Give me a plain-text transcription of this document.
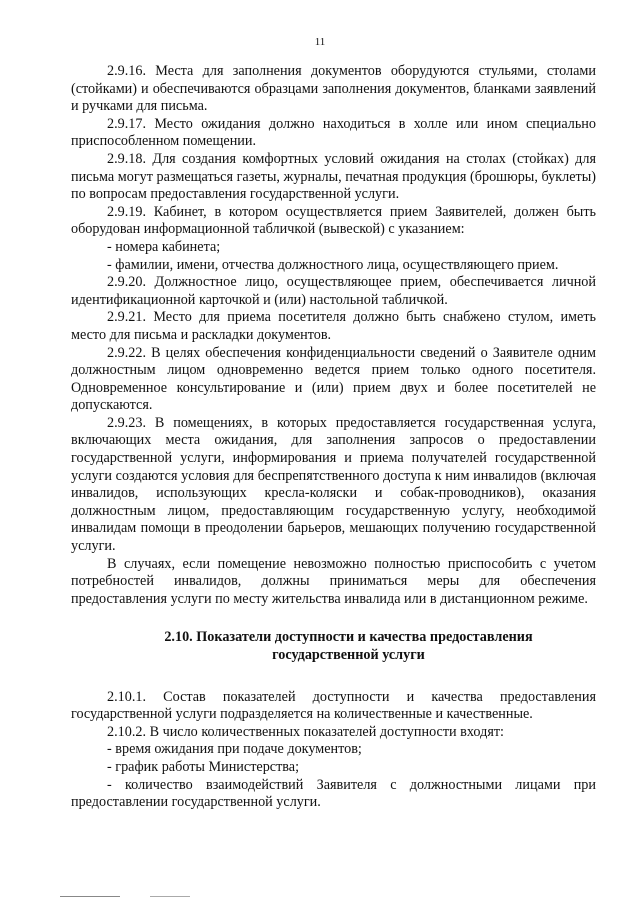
11

2.9.16. Места для заполнения документов оборудуются стульями, столами (стойками) и обеспечиваются образцами заполнения документов, бланками заявлений и ручками для письма.

2.9.17. Место ожидания должно находиться в холле или ином специально приспособленном помещении.

2.9.18. Для создания комфортных условий ожидания на столах (стойках) для письма могут размещаться газеты, журналы, печатная продукция (брошюры, буклеты) по вопросам предоставления государственной услуги.

2.9.19. Кабинет, в котором осуществляется прием Заявителей, должен быть оборудован информационной табличкой (вывеской) с указанием:

- номера кабинета;

- фамилии, имени, отчества должностного лица, осуществляющего прием.

2.9.20. Должностное лицо, осуществляющее прием, обеспечивается личной идентификационной карточкой и (или) настольной табличкой.

2.9.21. Место для приема посетителя должно быть снабжено стулом, иметь место для письма и раскладки документов.

2.9.22. В целях обеспечения конфиденциальности сведений о Заявителе одним должностным лицом одновременно ведется прием только одного посетителя. Одновременное консультирование и (или) прием двух и более посетителей не допускаются.

2.9.23. В помещениях, в которых предоставляется государственная услуга, включающих места ожидания, для заполнения запросов о предоставлении государственной услуги, информирования и приема получателей государственной услуги создаются условия для беспрепятственного доступа к ним инвалидов (включая инвалидов, использующих кресла-коляски и собак-проводников), оказания должностным лицом, предоставляющим государственную услугу, необходимой инвалидам помощи в преодолении барьеров, мешающих получению государственной услуги.

В случаях, если помещение невозможно полностью приспособить с учетом потребностей инвалидов, должны приниматься меры для обеспечения предоставления услуги по месту жительства инвалида или в дистанционном режиме.

2.10. Показатели доступности и качества предоставления
государственной услуги

2.10.1. Состав показателей доступности и качества предоставления государственной услуги подразделяется на количественные и качественные.

2.10.2. В число количественных показателей доступности входят:

- время ожидания при подаче документов;

- график работы Министерства;

- количество взаимодействий Заявителя с должностными лицами при предоставлении государственной услуги.
